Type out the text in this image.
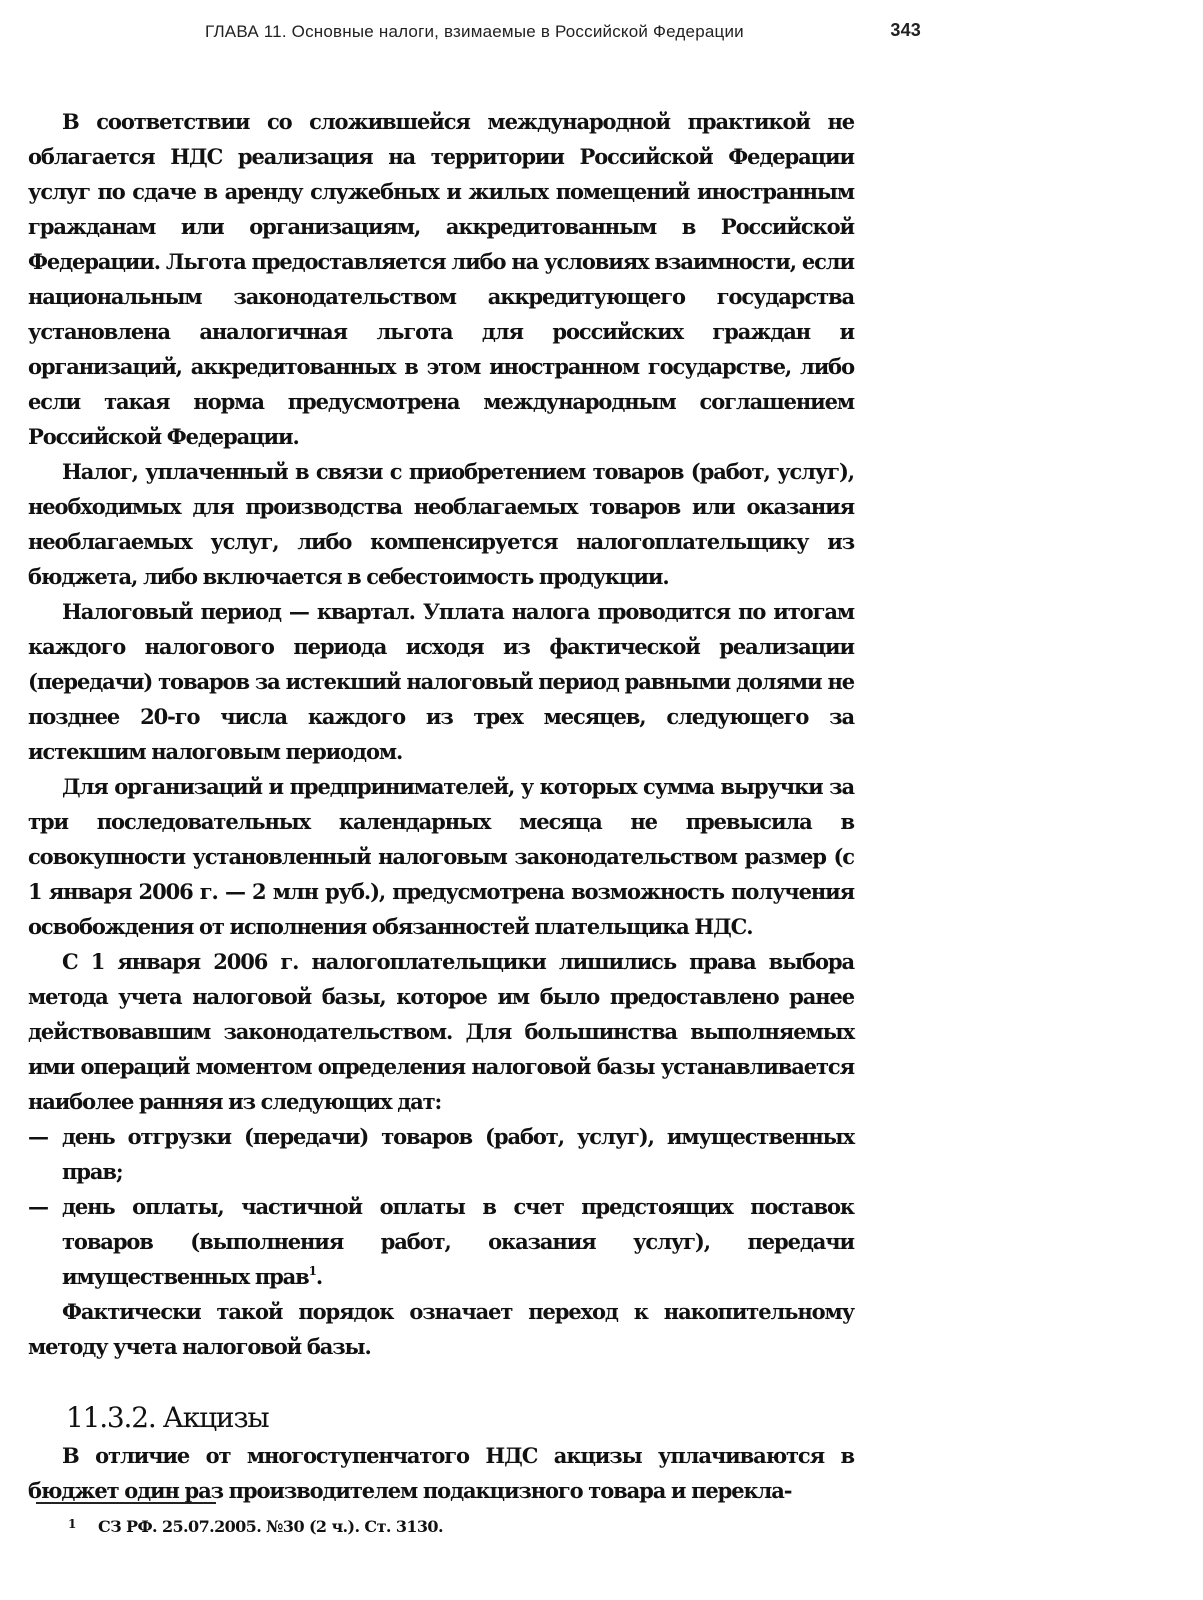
ГЛАВА 11. Основные налоги, взимаемые в Российской Федерации	343

В соответствии со сложившейся международной практикой не облагается НДС реализация на территории Российской Федерации услуг по сдаче в аренду служебных и жилых помещений иностранным гражданам или организациям, аккредитованным в Российской Федерации. Льгота предоставляется либо на условиях взаимности, если национальным законодательством аккредитующего государства установлена аналогичная льгота для российских граждан и организаций, аккредитованных в этом иностранном государстве, либо если такая норма предусмотрена международным соглашением Российской Федерации.

Налог, уплаченный в связи с приобретением товаров (работ, услуг), необходимых для производства необлагаемых товаров или оказания необлагаемых услуг, либо компенсируется налогоплательщику из бюджета, либо включается в себестоимость продукции.

Налоговый период — квартал. Уплата налога проводится по итогам каждого налогового периода исходя из фактической реализации (передачи) товаров за истекший налоговый период равными долями не позднее 20-го числа каждого из трех месяцев, следующего за истекшим налоговым периодом.

Для организаций и предпринимателей, у которых сумма выручки за три последовательных календарных месяца не превысила в совокупности установленный налоговым законодательством размер (с 1 января 2006 г. — 2 млн руб.), предусмотрена возможность получения освобождения от исполнения обязанностей плательщика НДС.

С 1 января 2006 г. налогоплательщики лишились права выбора метода учета налоговой базы, которое им было предоставлено ранее действовавшим законодательством. Для большинства выполняемых ими операций моментом определения налоговой базы устанавливается наиболее ранняя из следующих дат:

— день отгрузки (передачи) товаров (работ, услуг), имущественных прав;
— день оплаты, частичной оплаты в счет предстоящих поставок товаров (выполнения работ, оказания услуг), передачи имущественных прав$^1$.

Фактически такой порядок означает переход к накопительному методу учета налоговой базы.

11.3.2. Акцизы

В отличие от многоступенчатого НДС акцизы уплачиваются в бюджет один раз производителем подакцизного товара и перекла-

1 СЗ РФ. 25.07.2005. №30 (2 ч.). Ст. 3130.
